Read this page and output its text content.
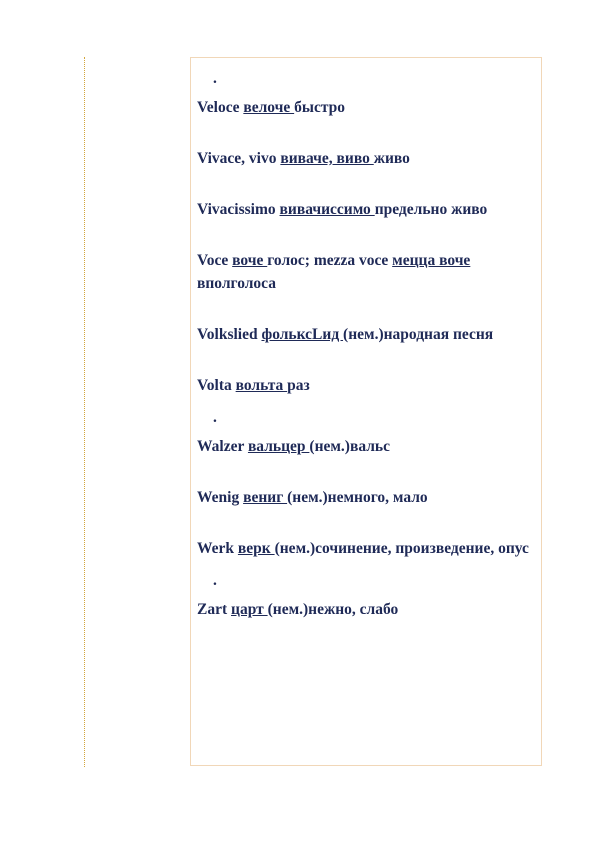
.

Veloce велоче быстро

Vivace, vivo виваче, виво живо

Vivacissimo вивачиссимо предельно живо

Voce воче голос; mezza voce меццa воче вполголоса

Volkslied фольксLид (нем.)народная песня

Volta вольта раз

.

Walzer вальцер (нем.)вальс

Wenig вениг (нем.)немного, мало

Werk верк (нем.)сочинение, произведение, опус

.

Zart царт (нем.)нежно, слабо
